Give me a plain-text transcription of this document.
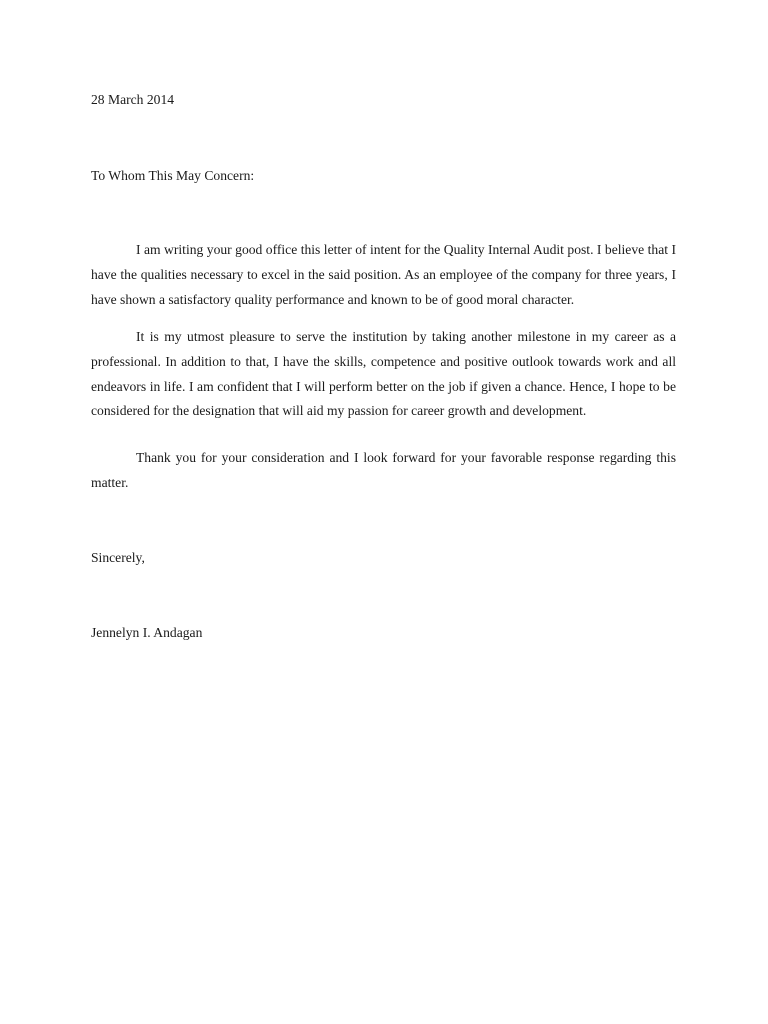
28 March 2014
To Whom This May Concern:

I am writing your good office this letter of intent for the Quality Internal Audit post. I believe that I have the qualities necessary to excel in the said position. As an employee of the company for three years, I have shown a satisfactory quality performance and known to be of good moral character.

It is my utmost pleasure to serve the institution by taking another milestone in my career as a professional. In addition to that, I have the skills, competence and positive outlook towards work and all endeavors in life. I am confident that I will perform better on the job if given a chance. Hence, I hope to be considered for the designation that will aid my passion for career growth and development.

Thank you for your consideration and I look forward for your favorable response regarding this matter.

Sincerely,
Jennelyn I. Andagan
